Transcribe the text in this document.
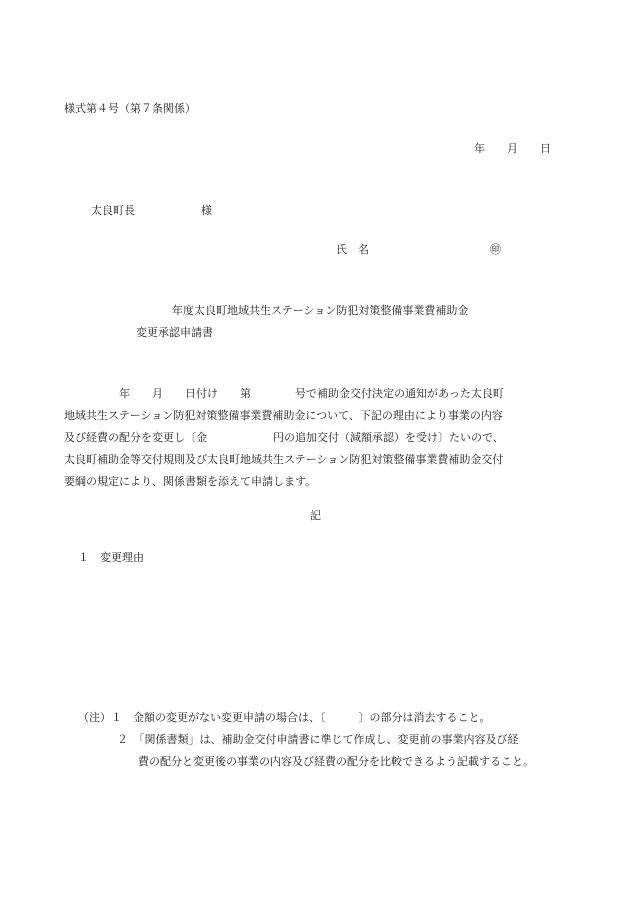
様式第４号（第７条関係）
年　　月　　日
太良町長　　　　　　様
氏　名	㊞
年度太良町地域共生ステーション防犯対策整備事業費補助金
変更承認申請書
　　　　　年　　月　　日付け　　第　　　　号で補助金交付決定の通知があった太良町
地域共生ステーション防犯対策整備事業費補助金について、下記の理由により事業の内容
及び経費の配分を変更し〔金　　　　　　円の追加交付（減額承認）を受け〕たいので、
太良町補助金等交付規則及び太良町地域共生ステーション防犯対策整備事業費補助金交付
要綱の規定により、関係書類を添えて申請します。
記
１　変更理由
（注）１　金額の変更がない変更申請の場合は、〔　　　〕の部分は消去すること。
２　「関係書類」は、補助金交付申請書に準じて作成し、変更前の事業内容及び経
費の配分と変更後の事業の内容及び経費の配分を比較できるよう記載すること。
